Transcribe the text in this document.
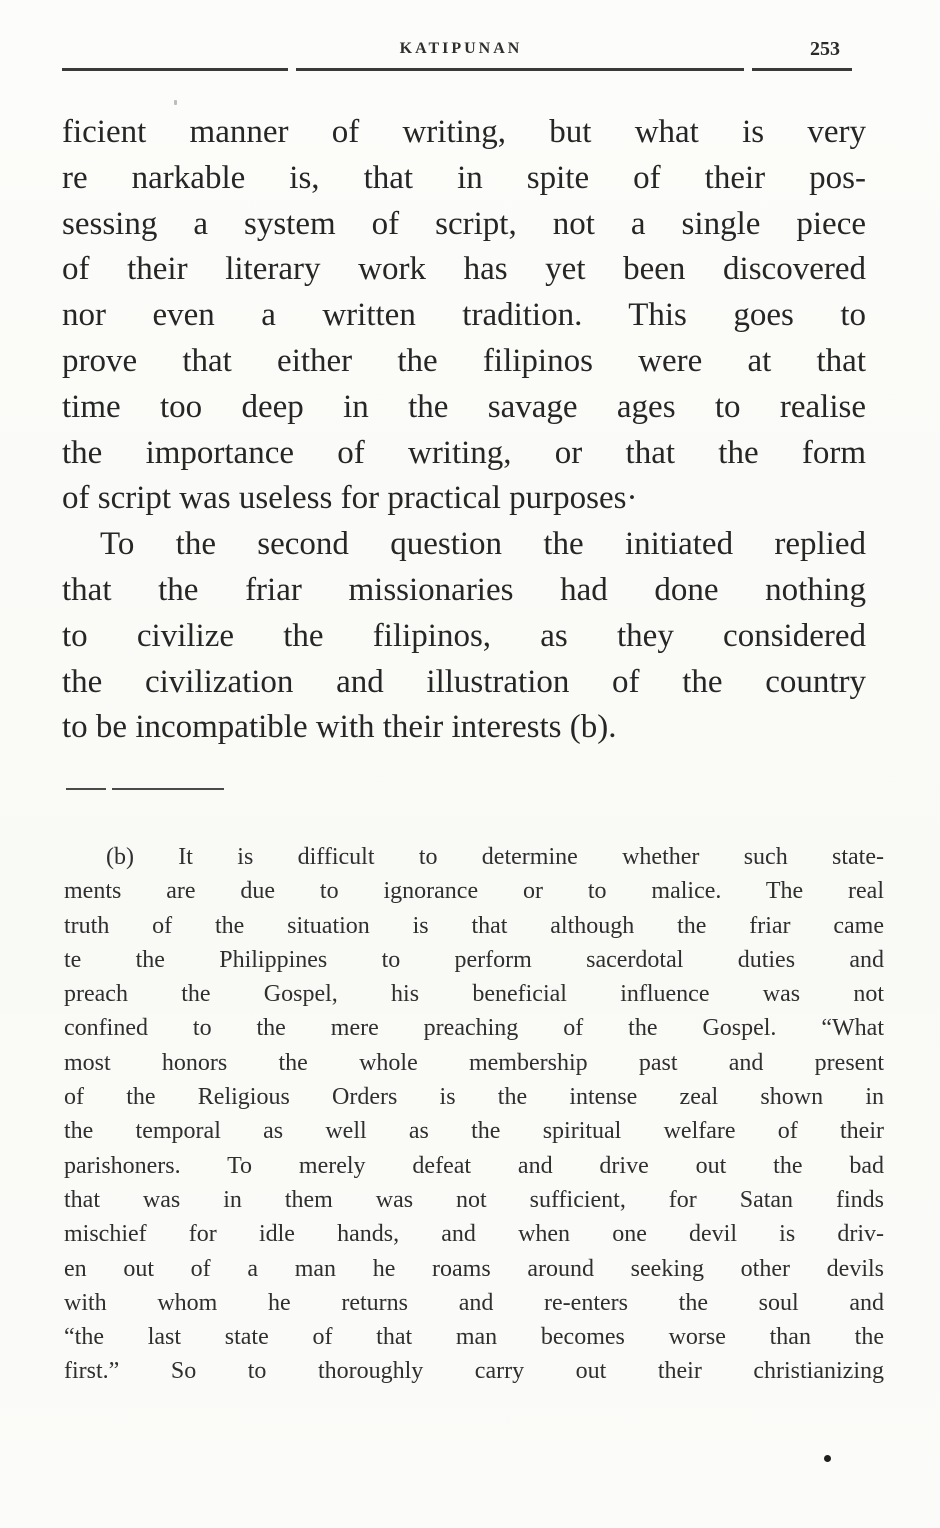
KATIPUNAN	253
ficient manner of writing, but what is very
re narkable is, that in spite of their pos-
sessing a system of script, not a single piece
of their literary work has yet been discovered
nor even a written tradition. This goes to
prove that either the filipinos were at that
time too deep in the savage ages to realise
the importance of writing, or that the form
of script was useless for practical purposes·
To the second question the initiated replied
that the friar missionaries had done nothing
to civilize the filipinos, as they considered
the civilization and illustration of the country
to be incompatible with their interests (b).
(b) It is difficult to determine whether such state-
ments are due to ignorance or to malice. The real
truth of the situation is that although the friar came
te the Philippines to perform sacerdotal duties and
preach the Gospel, his beneficial influence was not
confined to the mere preaching of the Gospel. “What
most honors the whole membership past and present
of the Religious Orders is the intense zeal shown in
the temporal as well as the spiritual welfare of their
parishoners. To merely defeat and drive out the bad
that was in them was not sufficient, for Satan finds
mischief for idle hands, and when one devil is driv-
en out of a man he roams around seeking other devils
with whom he returns and re-enters the soul and
“the last state of that man becomes worse than the
first.” So to thoroughly carry out their christianizing
